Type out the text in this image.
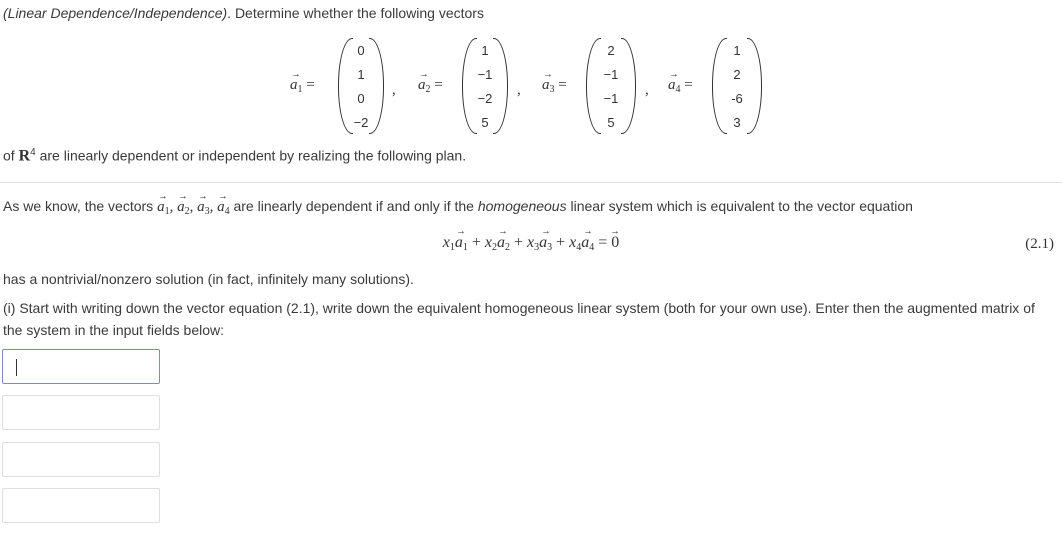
(Linear Dependence/Independence). Determine whether the following vectors
→ $a_1$ =
0
1
0
−2
, → $a_2$ =
1
−1
−2
5
, → $a_3$ =
2
−1
−1
5
, → $a_4$ =
1
2
-6
3
of $R^4$ are linearly dependent or independent by realizing the following plan.
As we know, the vectors → $a_1$, → $a_2$, → $a_3$, → $a_4$ are linearly dependent if and only if the homogeneous linear system which is equivalent to the vector equation
$x_1\to a_1 + x_2\to a_2 + x_3\to a_3 + x_4\to a_4$ = → 0	(2.1)
has a nontrivial/nonzero solution (in fact, infinitely many solutions).
(i) Start with writing down the vector equation (2.1), write down the equivalent homogeneous linear system (both for your own use). Enter then the augmented matrix of
the system in the input fields below:
